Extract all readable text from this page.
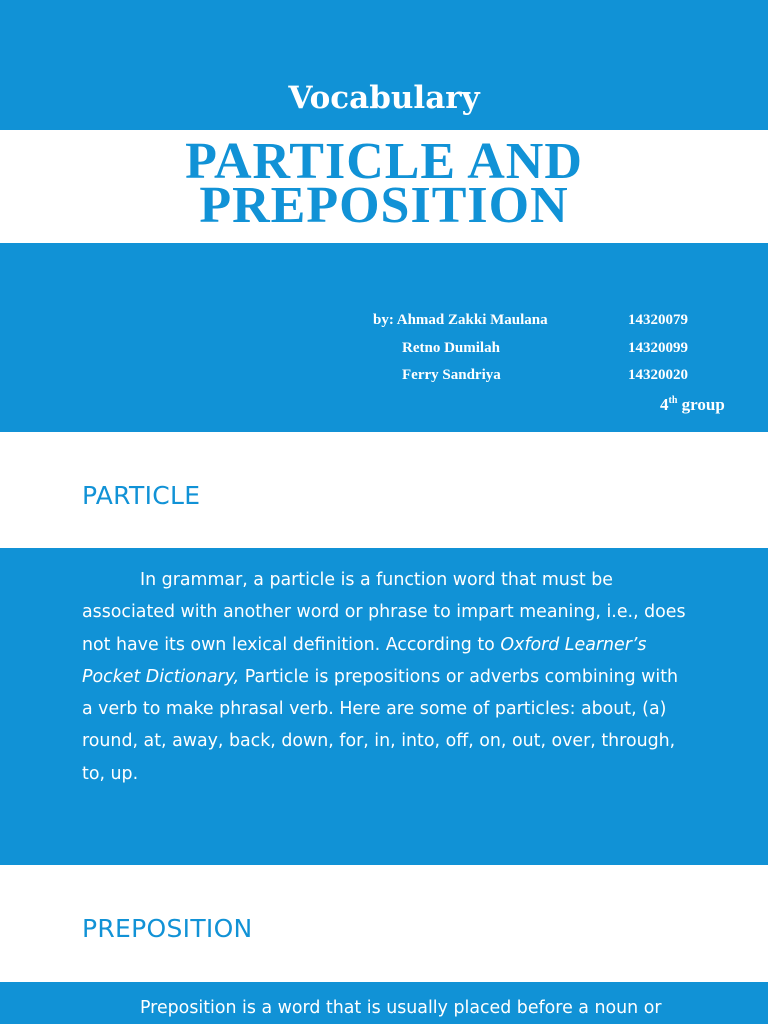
Vocabulary
PARTICLE AND
PREPOSITION
by: Ahmad Zakki Maulana	14320079
Retno Dumilah	14320099
Ferry Sandriya	14320020
4th group
PARTICLE

In grammar, a particle is a function word that must be associated with another word or phrase to impart meaning, i.e., does not have its own lexical definition. According to Oxford Learner’s Pocket Dictionary, Particle is prepositions or adverbs combining with a verb to make phrasal verb. Here are some of particles: about, (a) round, at, away, back, down, for, in, into, off, on, out, over, through, to, up.

PREPOSITION

Preposition is a word that is usually placed before a noun or
